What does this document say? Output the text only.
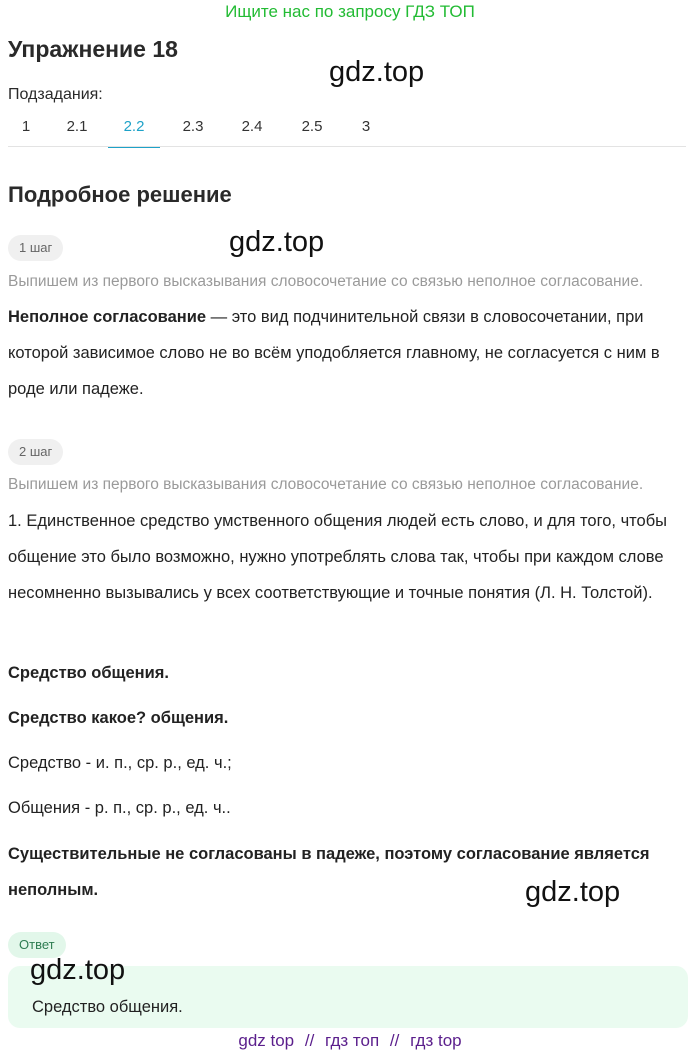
Ищите нас по запросу ГДЗ ТОП
Упражнение 18
gdz.top
Подзадания:
1	2.1	2.2	2.3	2.4	2.5	3
Подробное решение
1 шаг	gdz.top
Выпишем из первого высказывания словосочетание со связью неполное согласование.
Неполное согласование — это вид подчинительной связи в словосочетании, при которой зависимое слово не во всём уподобляется главному, не согласуется с ним в роде или падеже.
2 шаг
Выпишем из первого высказывания словосочетание со связью неполное согласование.
1. Единственное средство умственного общения людей есть слово, и для того, чтобы общение это было возможно, нужно употреблять слова так, чтобы при каждом слове несомненно вызывались у всех соответствующие и точные понятия (Л. Н. Толстой).
Средство общения.
Средство какое? общения.
Средство - и. п., ср. р., ед. ч.;
Общения - р. п., ср. р., ед. ч..
Существительные не согласованы в падеже, поэтому согласование является неполным.	gdz.top
Ответ
gdz.top
Средство общения.
gdz top // гдз топ // гдз top
